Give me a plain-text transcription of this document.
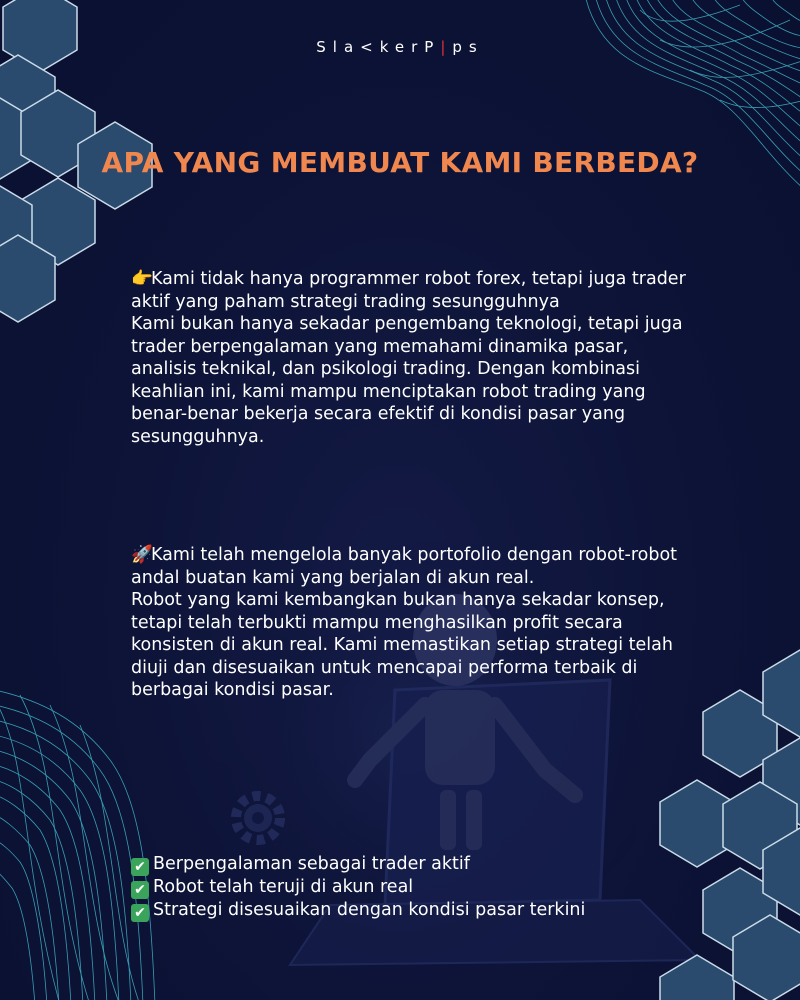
Sla<kerP|ps
APA YANG MEMBUAT KAMI BERBEDA?

👉Kami tidak hanya programmer robot forex, tetapi juga trader aktif yang paham strategi trading sesungguhnya

Kami bukan hanya sekadar pengembang teknologi, tetapi juga trader berpengalaman yang memahami dinamika pasar, analisis teknikal, dan psikologi trading. Dengan kombinasi keahlian ini, kami mampu menciptakan robot trading yang benar-benar bekerja secara efektif di kondisi pasar yang sesungguhnya.

🚀Kami telah mengelola banyak portofolio dengan robot-robot andal buatan kami yang berjalan di akun real.

Robot yang kami kembangkan bukan hanya sekadar konsep, tetapi telah terbukti mampu menghasilkan profit secara konsisten di akun real. Kami memastikan setiap strategi telah diuji dan disesuaikan untuk mencapai performa terbaik di berbagai kondisi pasar.

✔ Berpengalaman sebagai trader aktif

✔ Robot telah teruji di akun real

✔ Strategi disesuaikan dengan kondisi pasar terkini
